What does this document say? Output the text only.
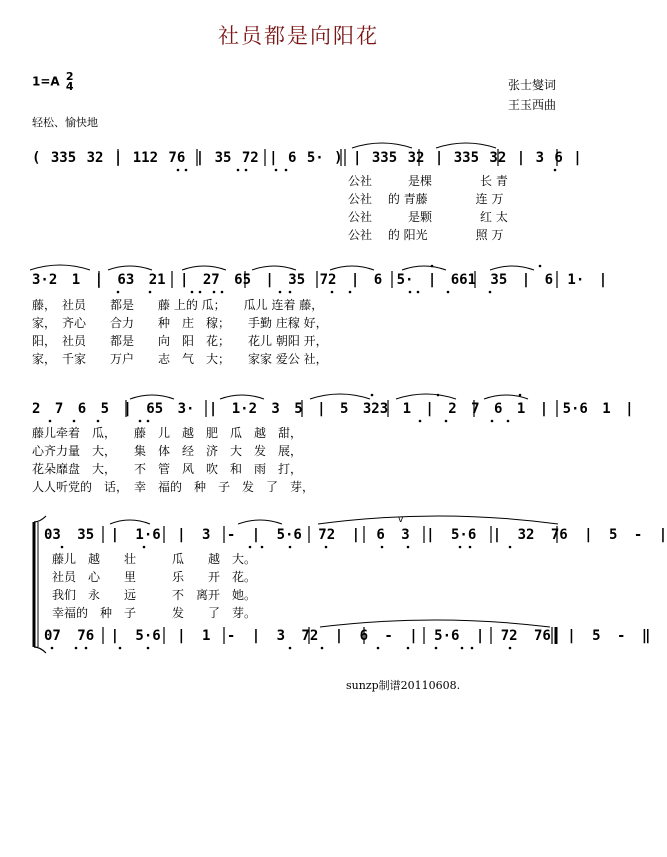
v
社员都是向阳花
1=A 2
4	张士燮词
王玉西曲
轻松、愉快地
( 335 32 | 112 76 | 35 72 | 6 5· ) | 335 32 | 335 32 | 3 6 |
公社　　　是棵　　　　长 青
公社　 的 青藤　　　　连 万
公社　　　是颗　　　　红 太
公社　 的 阳光　　　　照 万
3·2 1 | 63 21 | 27 65 | 35 72 | 6 5· | 661 35 | 6 1· |
藤，　社员　　都是　　藤 上的 瓜；　　瓜儿 连着 藤，
家，　齐心　　合力　　种　庄　稼；　　手勤 庄稼 好，
阳，　社员　　都是　　向　阳　花；　　花儿 朝阳 开，
家，　千家　　万户　　志　气　大；　　家家 爱公 社，
2 7 6 5 | 65 3· | 1·2 3 5 | 5 323 1 | 2 7 6 1 | 5·6 1 |
藤儿牵着　瓜，　　藤　儿　越　肥　瓜　越　甜，
心齐力量　大，　　集　体　经　济　大　发　展，
花朵靡盘　大，　　不　管　风　吹　和　雨　打，
人人听党的　话，　幸　福的　种　子　发　了　芽，
03 35 | 1·6 | 3 - | 5·6 72 | 6 3 | 5·6 | 32 76 | 5 - |
藤儿　越　　壮　　　瓜　　越　大。
社员　心　　里　　　乐　　开　花。
我们　永　　远　　　不　离开　她。
幸福的　种　子　　　发　　了　芽。
07 76 | 5·6 | 1 - | 3 72 | 6 - | 5·6 | 72 76 | 5 - ‖
sunzp制谱20110608.
